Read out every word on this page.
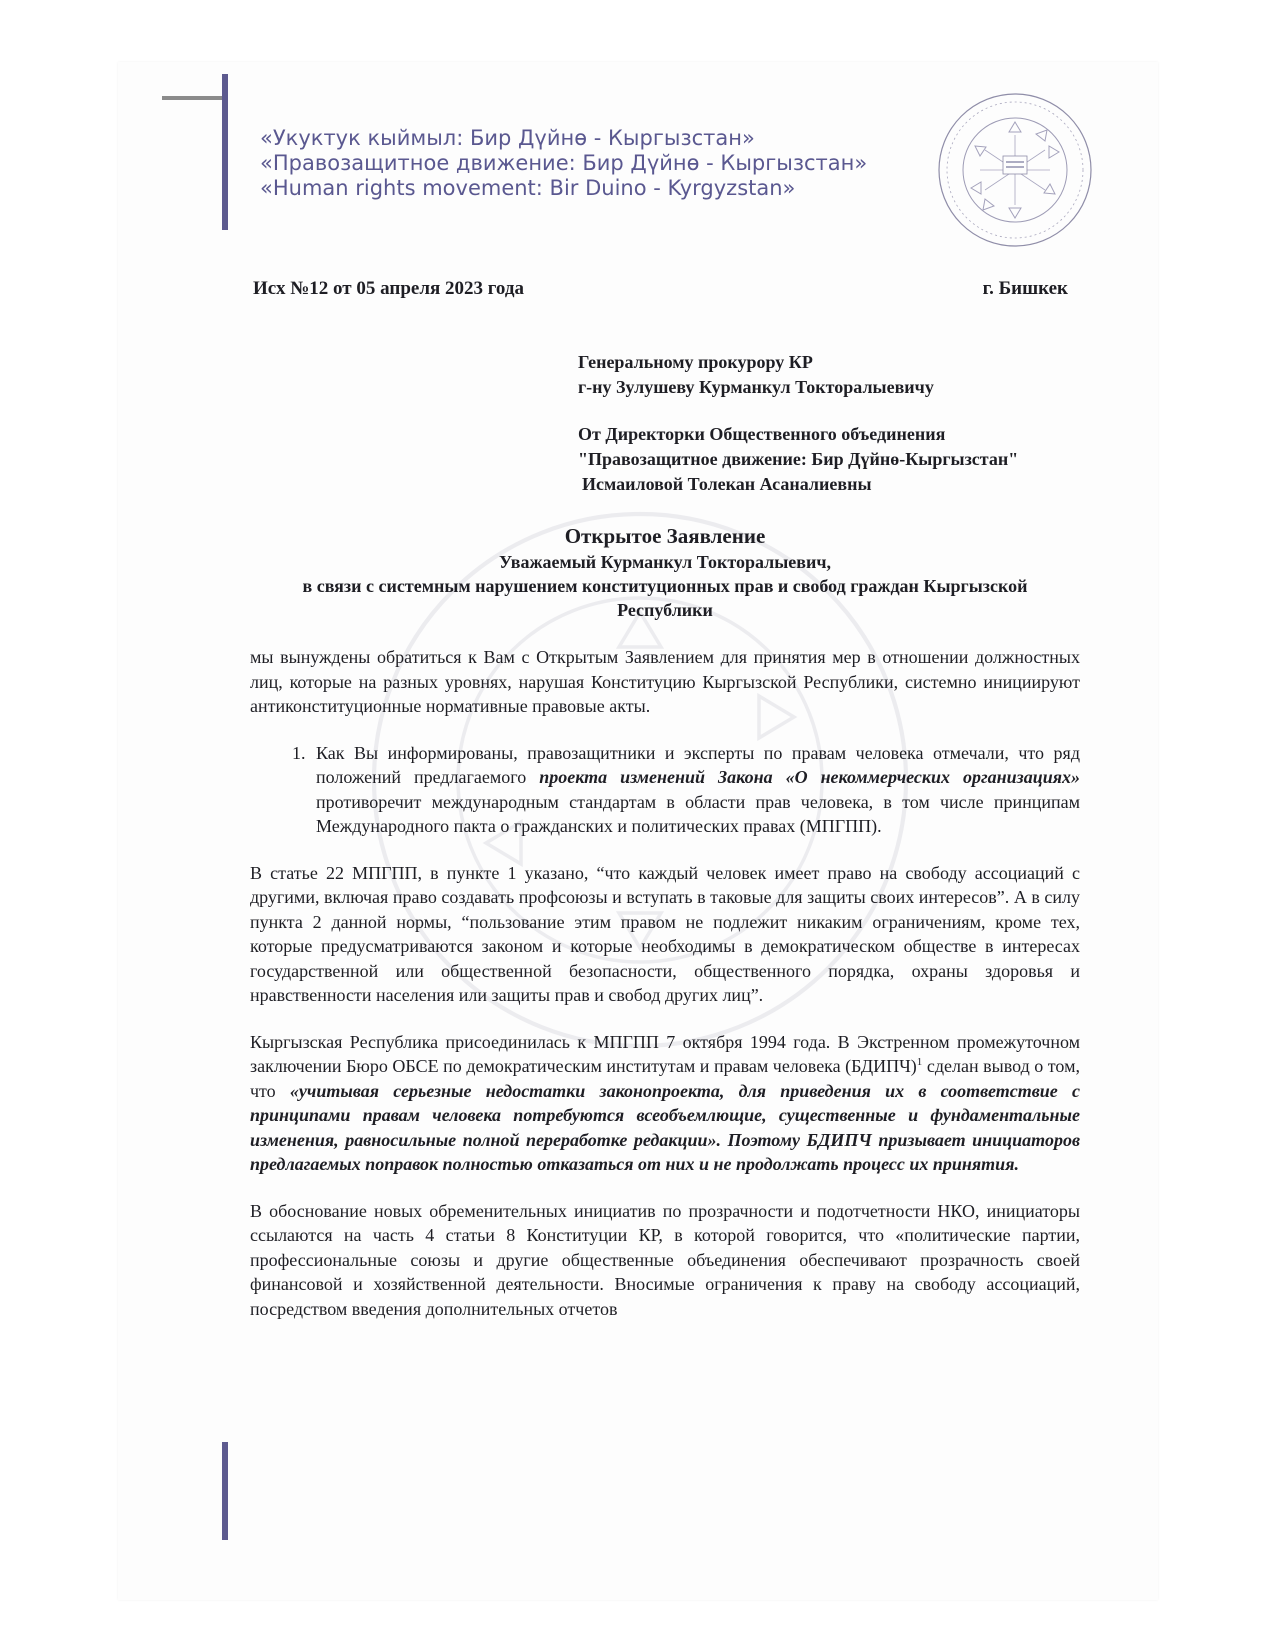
«Укуктук кыймыл: Бир Дүйнө - Кыргызстан»
«Правозащитное движение: Бир Дүйнө - Кыргызстан»
«Human rights movement: Bir Duino - Kyrgyzstan»
Исх №12 от 05 апреля 2023 года	г. Бишкек
Генеральному прокурору КР
г-ну Зулушеву Курманкул Токторалыевичу
От Директорки Общественного объединения
"Правозащитное движение: Бир Дүйнө-Кыргызстан"
Исмаиловой Толекан Асаналиевны
Открытое Заявление
Уважаемый Курманкул Токторалыевич,
в связи с системным нарушением конституционных прав и свобод граждан Кыргызской Республики

мы вынуждены обратиться к Вам с Открытым Заявлением для принятия мер в отношении должностных лиц, которые на разных уровнях, нарушая Конституцию Кыргызской Республики, системно инициируют антиконституционные нормативные правовые акты.

1. Как Вы информированы, правозащитники и эксперты по правам человека отмечали, что ряд положений предлагаемого проекта изменений Закона «О некоммерческих организациях» противоречит международным стандартам в области прав человека, в том числе принципам Международного пакта о гражданских и политических правах (МПГПП).

В статье 22 МПГПП, в пункте 1 указано, “что каждый человек имеет право на свободу ассоциаций с другими, включая право создавать профсоюзы и вступать в таковые для защиты своих интересов”. А в силу пункта 2 данной нормы, “пользование этим правом не подлежит никаким ограничениям, кроме тех, которые предусматриваются законом и которые необходимы в демократическом обществе в интересах государственной или общественной безопасности, общественного порядка, охраны здоровья и нравственности населения или защиты прав и свобод других лиц”.

Кыргызская Республика присоединилась к МПГПП 7 октября 1994 года. В Экстренном промежуточном заключении Бюро ОБСЕ по демократическим институтам и правам человека (БДИПЧ)$^1$ сделан вывод о том, что «учитывая серьезные недостатки законопроекта, для приведения их в соответствие с принципами правам человека потребуются всеобъемлющие, существенные и фундаментальные изменения, равносильные полной переработке редакции». Поэтому БДИПЧ призывает инициаторов предлагаемых поправок полностью отказаться от них и не продолжать процесс их принятия.

В обоснование новых обременительных инициатив по прозрачности и подотчетности НКО, инициаторы ссылаются на часть 4 статьи 8 Конституции КР, в которой говорится, что «политические партии, профессиональные союзы и другие общественные объединения обеспечивают прозрачность своей финансовой и хозяйственной деятельности. Вносимые ограничения к праву на свободу ассоциаций, посредством введения дополнительных отчетов
